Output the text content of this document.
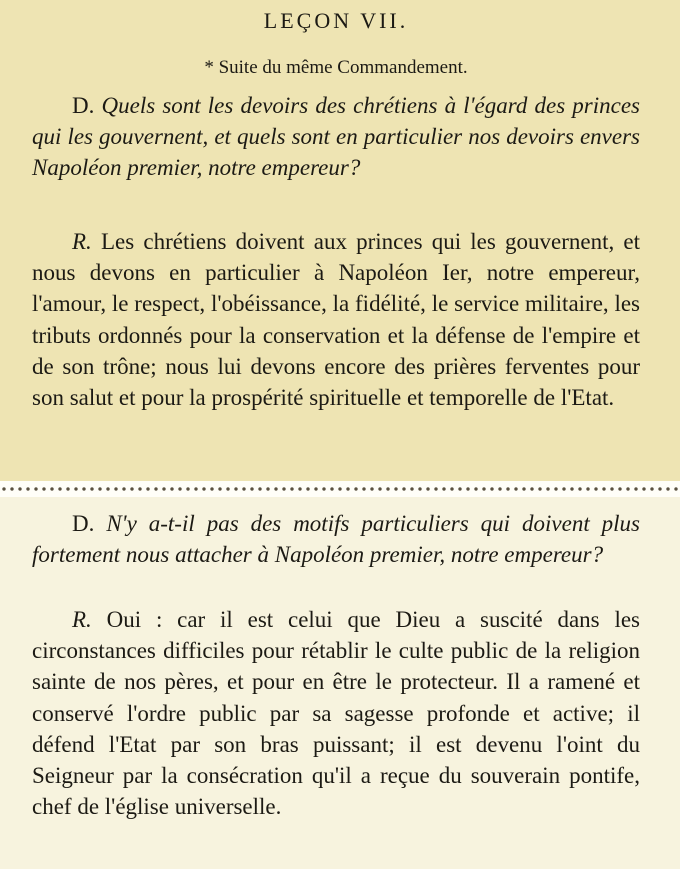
LEÇON VII.

* Suite du même Commandement.

D. Quels sont les devoirs des chrétiens à l'égard des princes qui les gouvernent, et quels sont en particulier nos devoirs envers Napoléon premier, notre empereur?

R. Les chrétiens doivent aux princes qui les gouvernent, et nous devons en particulier à Napoléon Ier, notre empereur, l'amour, le respect, l'obéissance, la fidélité, le service militaire, les tributs ordonnés pour la conservation et la défense de l'empire et de son trône; nous lui devons encore des prières ferventes pour son salut et pour la prospérité spirituelle et temporelle de l'Etat.

D. N'y a-t-il pas des motifs particuliers qui doivent plus fortement nous attacher à Napoléon premier, notre empereur?

R. Oui : car il est celui que Dieu a suscité dans les circonstances difficiles pour rétablir le culte public de la religion sainte de nos pères, et pour en être le protecteur. Il a ramené et conservé l'ordre public par sa sagesse profonde et active; il défend l'Etat par son bras puissant; il est devenu l'oint du Seigneur par la consécration qu'il a reçue du souverain pontife, chef de l'église universelle.
